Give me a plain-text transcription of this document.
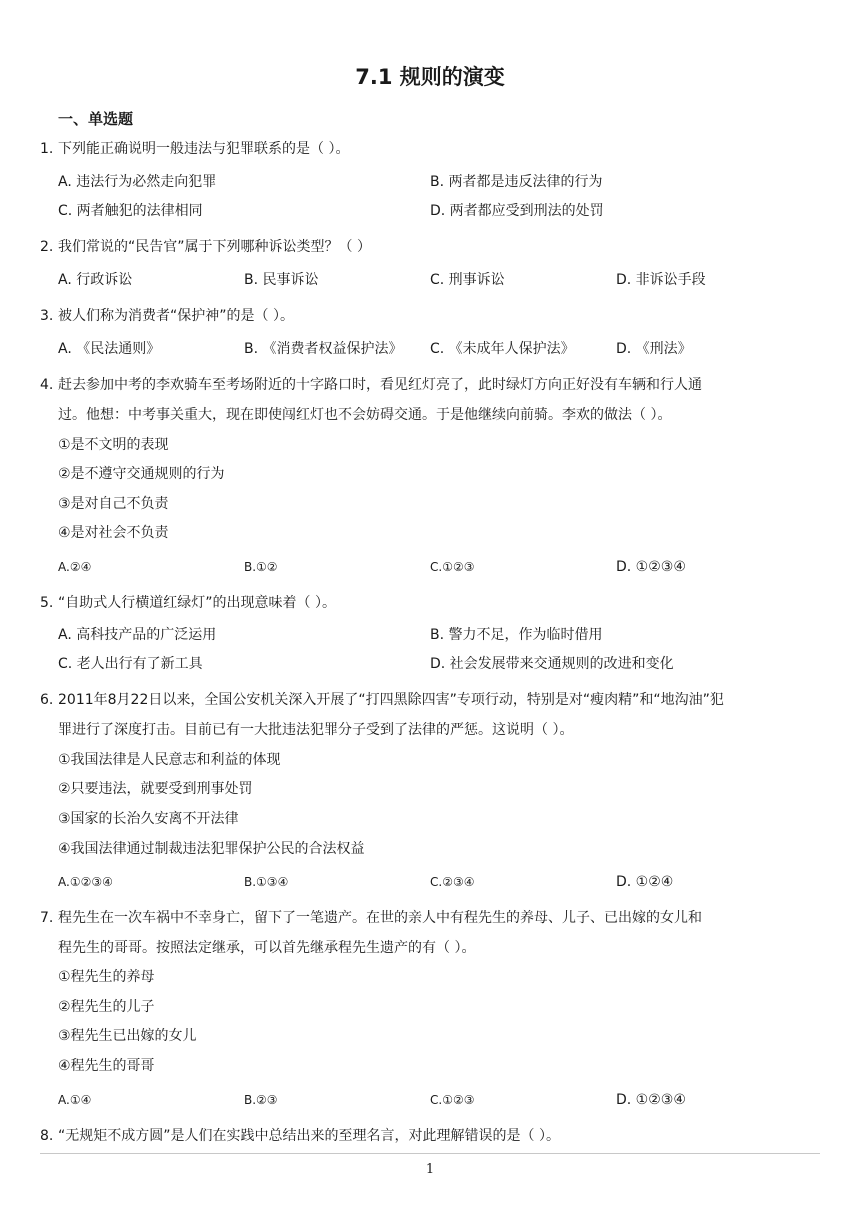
7.1 规则的演变
一、单选题
1. 下列能正确说明一般违法与犯罪联系的是（ ）。
A. 违法行为必然走向犯罪	B. 两者都是违反法律的行为
C. 两者触犯的法律相同	D. 两者都应受到刑法的处罚
2. 我们常说的“民告官”属于下列哪种诉讼类型？（ ）
A. 行政诉讼	B. 民事诉讼	C. 刑事诉讼	D. 非诉讼手段
3. 被人们称为消费者“保护神”的是（ ）。
A. 《民法通则》	B. 《消费者权益保护法》 C. 《未成年人保护法》	D. 《刑法》
4. 赶去参加中考的李欢骑车至考场附近的十字路口时，看见红灯亮了，此时绿灯方向正好没有车辆和行人通
过。他想：中考事关重大，现在即使闯红灯也不会妨碍交通。于是他继续向前骑。李欢的做法（ ）。
①是不文明的表现
②是不遵守交通规则的行为
③是对自己不负责
④是对社会不负责
A.②④	B.①②	C.①②③	D. ①②③④
5. “自助式人行横道红绿灯”的出现意味着（ ）。
A. 高科技产品的广泛运用	B. 警力不足，作为临时借用
C. 老人出行有了新工具	D. 社会发展带来交通规则的改进和变化
6. 2011年8月22日以来，全国公安机关深入开展了“打四黑除四害”专项行动，特别是对“瘦肉精”和“地沟油”犯
罪进行了深度打击。目前已有一大批违法犯罪分子受到了法律的严惩。这说明（ ）。
①我国法律是人民意志和利益的体现
②只要违法，就要受到刑事处罚
③国家的长治久安离不开法律
④我国法律通过制裁违法犯罪保护公民的合法权益
A.①②③④	B.①③④	C.②③④	D. ①②④
7. 程先生在一次车祸中不幸身亡，留下了一笔遗产。在世的亲人中有程先生的养母、儿子、已出嫁的女儿和
程先生的哥哥。按照法定继承，可以首先继承程先生遗产的有（ ）。
①程先生的养母
②程先生的儿子
③程先生已出嫁的女儿
④程先生的哥哥
A.①④	B.②③	C.①②③	D. ①②③④
8. “无规矩不成方圆”是人们在实践中总结出来的至理名言，对此理解错误的是（ ）。
1
